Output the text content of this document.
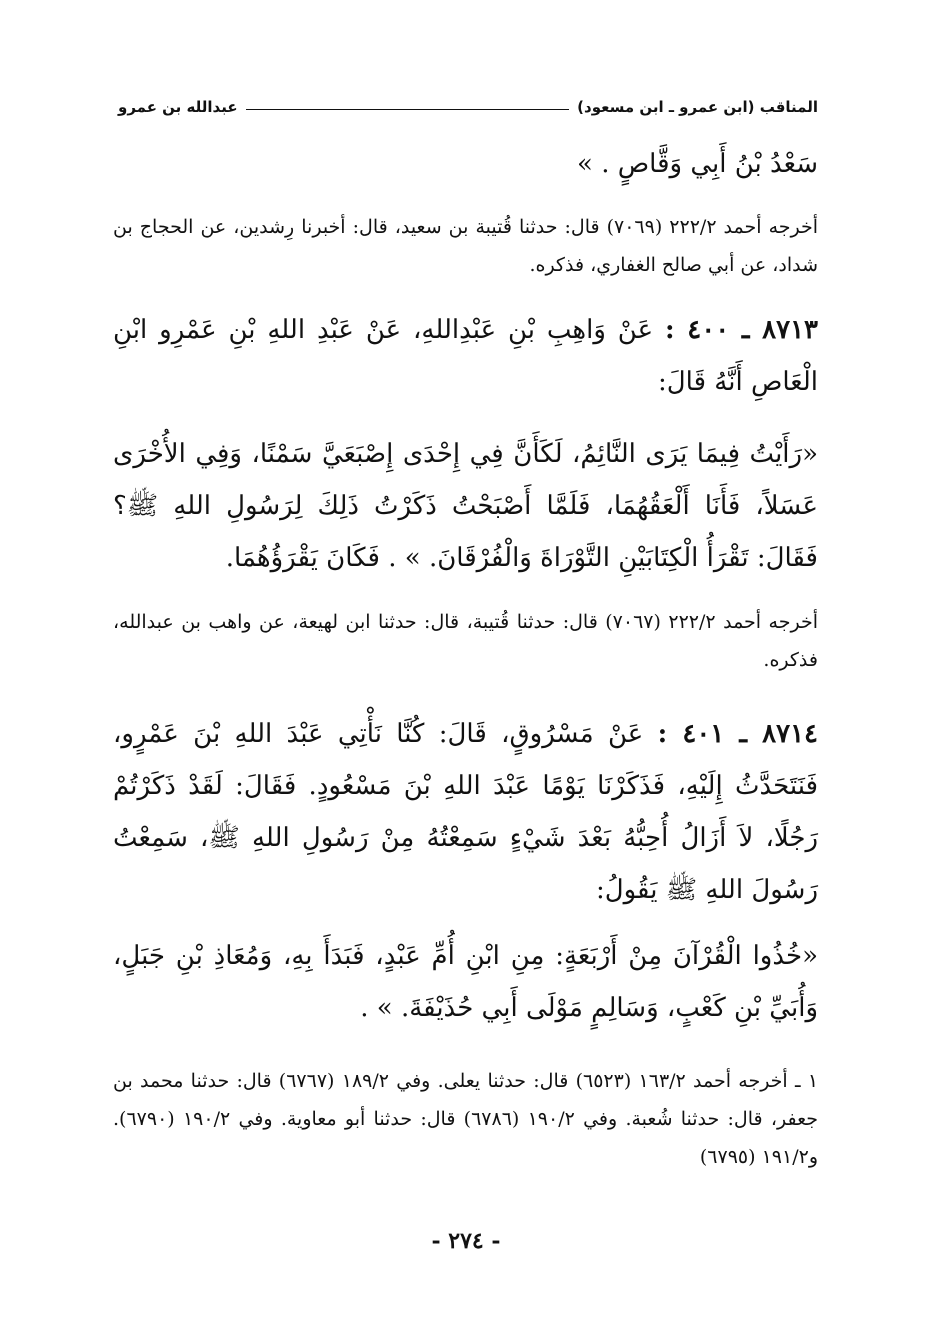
المناقب (ابن عمرو ـ ابن مسعود)
عبدالله بن عمرو
سَعْدُ بْنُ أَبِي وَقَّاصٍ . »
أخرجه أحمد ٢٢٢/٢ (٧٠٦٩) قال: حدثنا قُتيبة بن سعيد، قال: أخبرنا رِشدين، عن الحجاج بن شداد، عن أبي صالح الغفاري، فذكره.
٨٧١٣ ـ ٤٠٠ : عَنْ وَاهِبِ بْنِ عَبْدِاللهِ، عَنْ عَبْدِ اللهِ بْنِ عَمْرِو ابْنِ الْعَاصِ أَنَّهُ قَالَ:
«رَأَيْتُ فِيمَا يَرَى النَّائِمُ، لَكَأَنَّ فِي إِحْدَى إِصْبَعَيَّ سَمْنًا، وَفِي الأُخْرَى عَسَلاً، فَأَنَا أَلْعَقُهُمَا، فَلَمَّا أَصْبَحْتُ ذَكَرْتُ ذَلِكَ لِرَسُولِ اللهِ ﷺ؟ فَقَالَ: تَقْرَأُ الْكِتَابَيْنِ التَّوْرَاةَ وَالْفُرْقَانَ. » . فَكَانَ يَقْرَؤُهُمَا.
أخرجه أحمد ٢٢٢/٢ (٧٠٦٧) قال: حدثنا قُتيبة، قال: حدثنا ابن لهيعة، عن واهب بن عبدالله، فذكره.
٨٧١٤ ـ ٤٠١ : عَنْ مَسْرُوقٍ، قَالَ: كُنَّا نَأْتِي عَبْدَ اللهِ بْنَ عَمْرٍو، فَنَتَحَدَّثُ إِلَيْهِ، فَذَكَرْنَا يَوْمًا عَبْدَ اللهِ بْنَ مَسْعُودٍ. فَقَالَ: لَقَدْ ذَكَرْتُمْ رَجُلًا، لاَ أَزَالُ أُحِبُّهُ بَعْدَ شَيْءٍ سَمِعْتُهُ مِنْ رَسُولِ اللهِ ﷺ، سَمِعْتُ رَسُولَ اللهِ ﷺ يَقُولُ:
«خُذُوا الْقُرْآنَ مِنْ أَرْبَعَةٍ: مِنِ ابْنِ أُمِّ عَبْدٍ، فَبَدَأَ بِهِ، وَمُعَاذِ بْنِ جَبَلٍ، وَأُبَيِّ بْنِ كَعْبٍ، وَسَالِمٍ مَوْلَى أَبِي حُذَيْفَةَ. » .
١ ـ أخرجه أحمد ١٦٣/٢ (٦٥٢٣) قال: حدثنا يعلى. وفي ١٨٩/٢ (٦٧٦٧) قال: حدثنا محمد بن جعفر، قال: حدثنا شُعبة. وفي ١٩٠/٢ (٦٧٨٦) قال: حدثنا أبو معاوية. وفي ١٩٠/٢ (٦٧٩٠). و١٩١/٢ (٦٧٩٥)
- ٢٧٤ -
